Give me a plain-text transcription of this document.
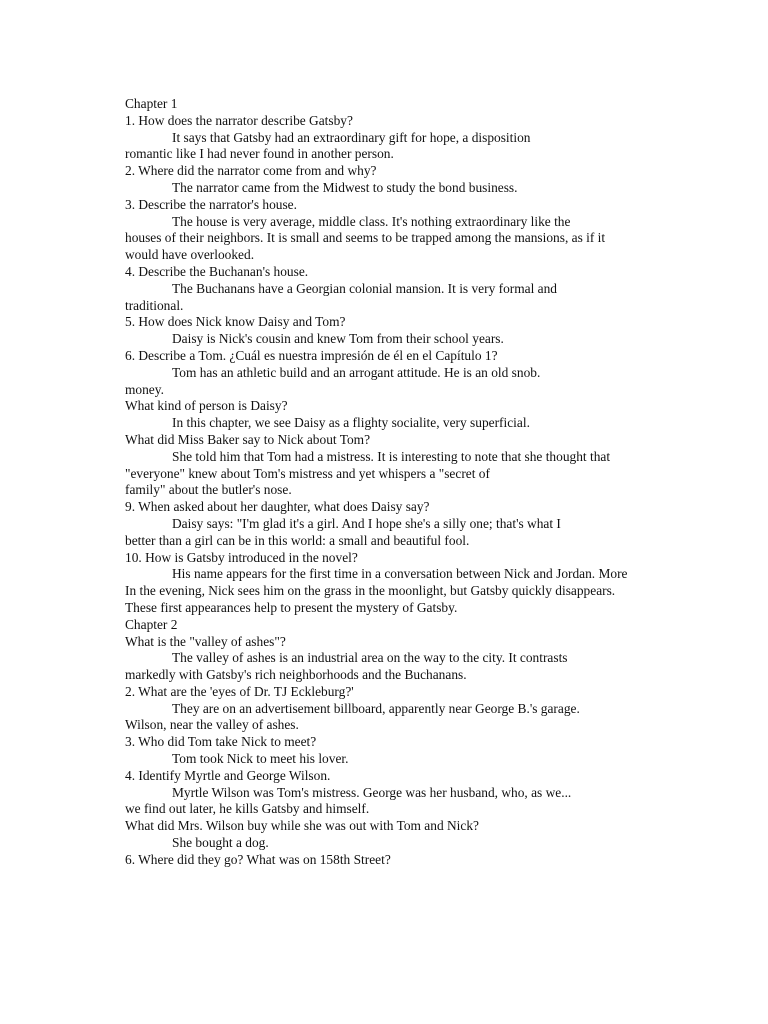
Chapter 1
1. How does the narrator describe Gatsby?
It says that Gatsby had an extraordinary gift for hope, a disposition
romantic like I had never found in another person.
2. Where did the narrator come from and why?
The narrator came from the Midwest to study the bond business.
3. Describe the narrator's house.
The house is very average, middle class. It's nothing extraordinary like the
houses of their neighbors. It is small and seems to be trapped among the mansions, as if it
would have overlooked.
4. Describe the Buchanan's house.
The Buchanans have a Georgian colonial mansion. It is very formal and
traditional.
5. How does Nick know Daisy and Tom?
Daisy is Nick's cousin and knew Tom from their school years.
6. Describe a Tom. ¿Cuál es nuestra impresión de él en el Capítulo 1?
Tom has an athletic build and an arrogant attitude. He is an old snob.
money.
What kind of person is Daisy?
In this chapter, we see Daisy as a flighty socialite, very superficial.
What did Miss Baker say to Nick about Tom?
She told him that Tom had a mistress. It is interesting to note that she thought that
"everyone" knew about Tom's mistress and yet whispers a "secret of
family" about the butler's nose.
9. When asked about her daughter, what does Daisy say?
Daisy says: "I'm glad it's a girl. And I hope she's a silly one; that's what I
better than a girl can be in this world: a small and beautiful fool.
10. How is Gatsby introduced in the novel?
His name appears for the first time in a conversation between Nick and Jordan. More
In the evening, Nick sees him on the grass in the moonlight, but Gatsby quickly disappears.
These first appearances help to present the mystery of Gatsby.
Chapter 2
What is the "valley of ashes"?
The valley of ashes is an industrial area on the way to the city. It contrasts
markedly with Gatsby's rich neighborhoods and the Buchanans.
2. What are the 'eyes of Dr. TJ Eckleburg?'
They are on an advertisement billboard, apparently near George B.'s garage.
Wilson, near the valley of ashes.
3. Who did Tom take Nick to meet?
Tom took Nick to meet his lover.
4. Identify Myrtle and George Wilson.
Myrtle Wilson was Tom's mistress. George was her husband, who, as we...
we find out later, he kills Gatsby and himself.
What did Mrs. Wilson buy while she was out with Tom and Nick?
She bought a dog.
6. Where did they go? What was on 158th Street?
